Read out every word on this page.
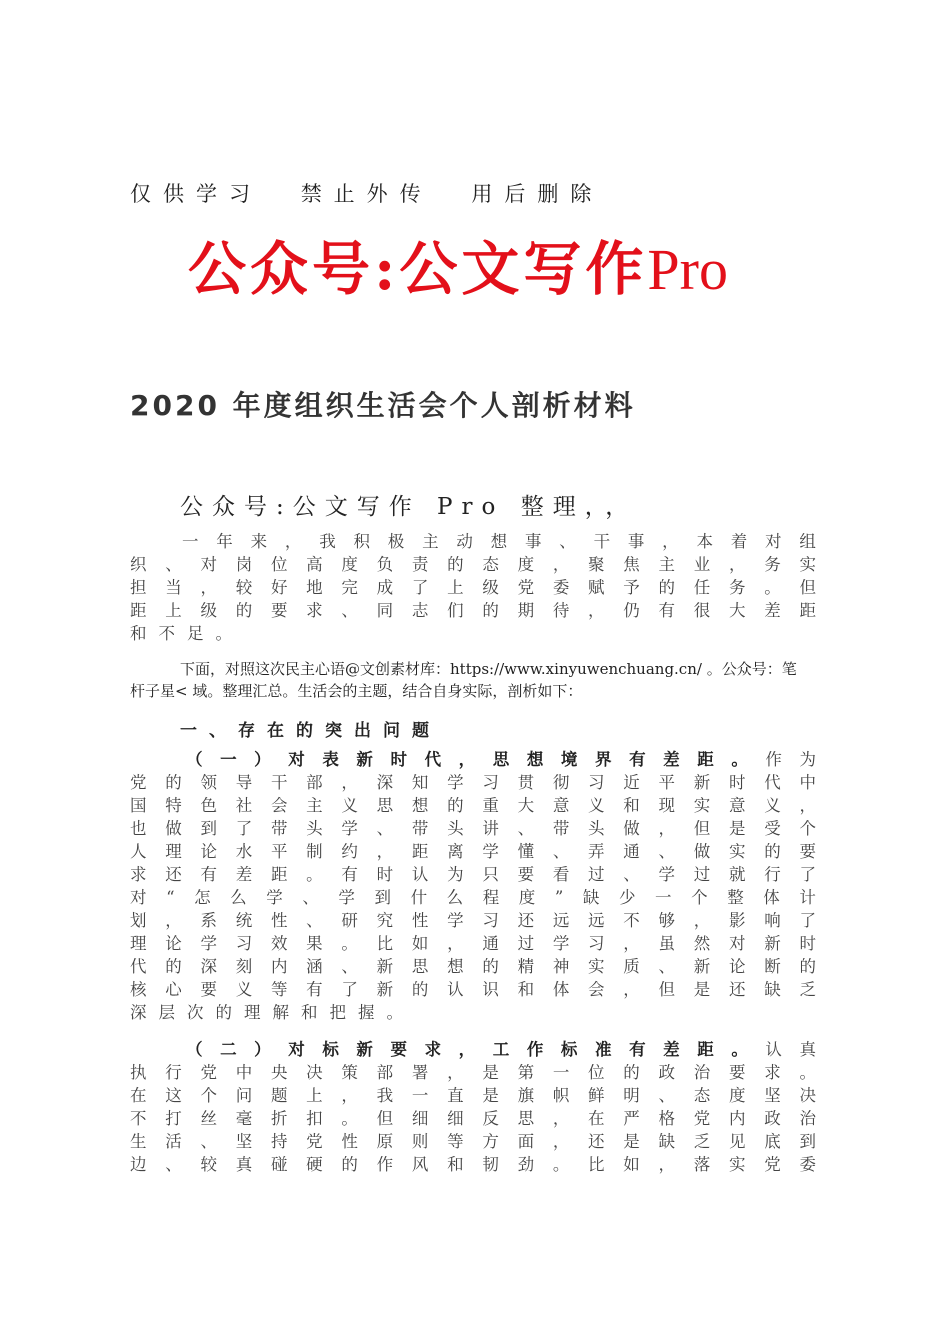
仅供学习 禁止外传 用后删除
公众号:公文写作Pro
2020 年度组织生活会个人剖析材料
公众号:公文写作 Pro 整理，，
一 年 来 ， 我 积 极 主 动 想 事 、 干 事 ， 本 着 对 组
织 、 对 岗 位 高 度 负 责 的 态 度 ， 聚 焦 主 业 ， 务 实
担 当 ， 较 好 地 完 成 了 上 级 党 委 赋 予 的 任 务 。 但
距 上 级 的 要 求 、 同 志 们 的 期 待 ， 仍 有 很 大 差 距
和不足。
下面，对照这次民主心语@文创素材库：https://www.xinyuwenchuang.cn/ 。公众号：笔
杆子星< 域。整理汇总。生活会的主题，结合自身实际，剖析如下：
一、存在的突出问题
（一）对表新时代，思想境界有差距。作为
党 的 领 导 干 部 ， 深 知 学 习 贯 彻 习 近 平 新 时 代 中
国 特 色 社 会 主 义 思 想 的 重 大 意 义 和 现 实 意 义 ，
也 做 到 了 带 头 学 、 带 头 讲 、 带 头 做 ， 但 是 受 个
人 理 论 水 平 制 约 ， 距 离 学 懂 、 弄 通 、 做 实 的 要
求 还 有 差 距 。 有 时 认 为 只 要 看 过 、 学 过 就 行 了
对 “ 怎 么 学 、 学 到 什 么 程 度 ” 缺 少 一 个 整 体 计
划 ， 系 统 性 、 研 究 性 学 习 还 远 远 不 够 ， 影 响 了
理 论 学 习 效 果 。 比 如 ， 通 过 学 习 ， 虽 然 对 新 时
代 的 深 刻 内 涵 、 新 思 想 的 精 神 实 质 、 新 论 断 的
核 心 要 义 等 有 了 新 的 认 识 和 体 会 ， 但 是 还 缺 乏
深层次的理解和把握。
（二）对标新要求，工作标准有差距。认真
执 行 党 中 央 决 策 部 署 ， 是 第 一 位 的 政 治 要 求 。
在 这 个 问 题 上 ， 我 一 直 是 旗 帜 鲜 明 、 态 度 坚 决
不 打 丝 毫 折 扣 。 但 细 细 反 思 ， 在 严 格 党 内 政 治
生 活 、 坚 持 党 性 原 则 等 方 面 ， 还 是 缺 乏 见 底 到
边 、 较 真 碰 硬 的 作 风 和 韧 劲 。 比 如 ， 落 实 党 委
